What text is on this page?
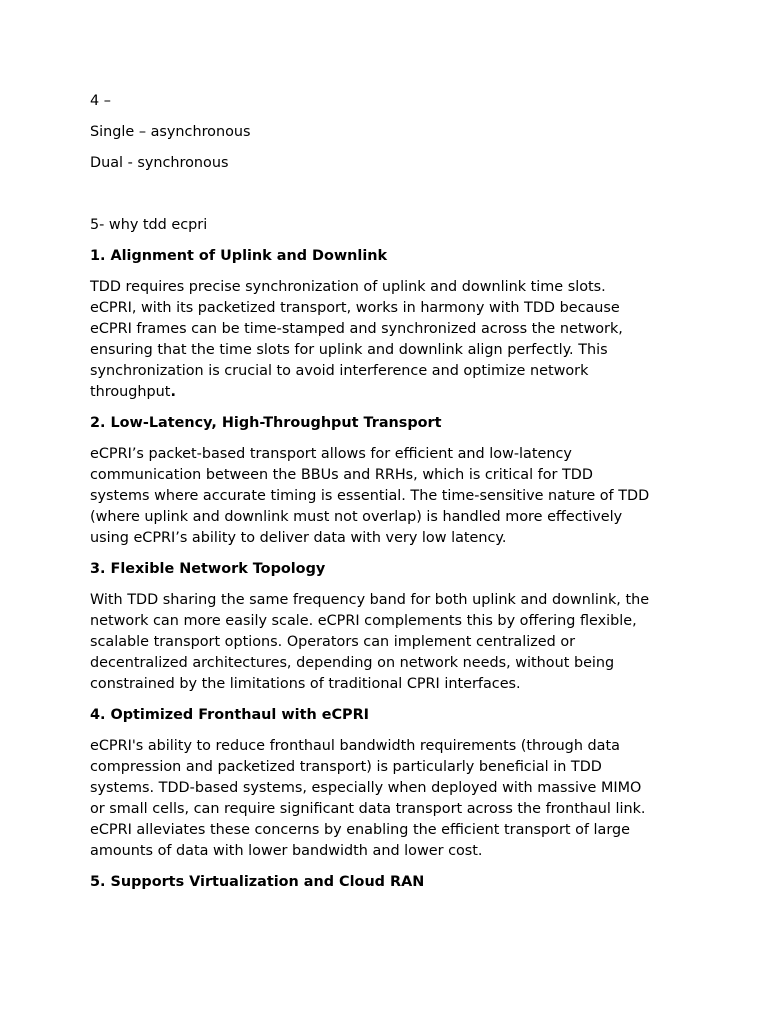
4 –

Single – asynchronous

Dual - synchronous

5- why tdd ecpri

1. Alignment of Uplink and Downlink

TDD requires precise synchronization of uplink and downlink time slots.
eCPRI, with its packetized transport, works in harmony with TDD because
eCPRI frames can be time-stamped and synchronized across the network,
ensuring that the time slots for uplink and downlink align perfectly. This
synchronization is crucial to avoid interference and optimize network
throughput.

2. Low-Latency, High-Throughput Transport

eCPRI’s packet-based transport allows for efficient and low-latency
communication between the BBUs and RRHs, which is critical for TDD
systems where accurate timing is essential. The time-sensitive nature of TDD
(where uplink and downlink must not overlap) is handled more effectively
using eCPRI’s ability to deliver data with very low latency.

3. Flexible Network Topology

With TDD sharing the same frequency band for both uplink and downlink, the
network can more easily scale. eCPRI complements this by offering flexible,
scalable transport options. Operators can implement centralized or
decentralized architectures, depending on network needs, without being
constrained by the limitations of traditional CPRI interfaces.

4. Optimized Fronthaul with eCPRI

eCPRI's ability to reduce fronthaul bandwidth requirements (through data
compression and packetized transport) is particularly beneficial in TDD
systems. TDD-based systems, especially when deployed with massive MIMO
or small cells, can require significant data transport across the fronthaul link.
eCPRI alleviates these concerns by enabling the efficient transport of large
amounts of data with lower bandwidth and lower cost.

5. Supports Virtualization and Cloud RAN
